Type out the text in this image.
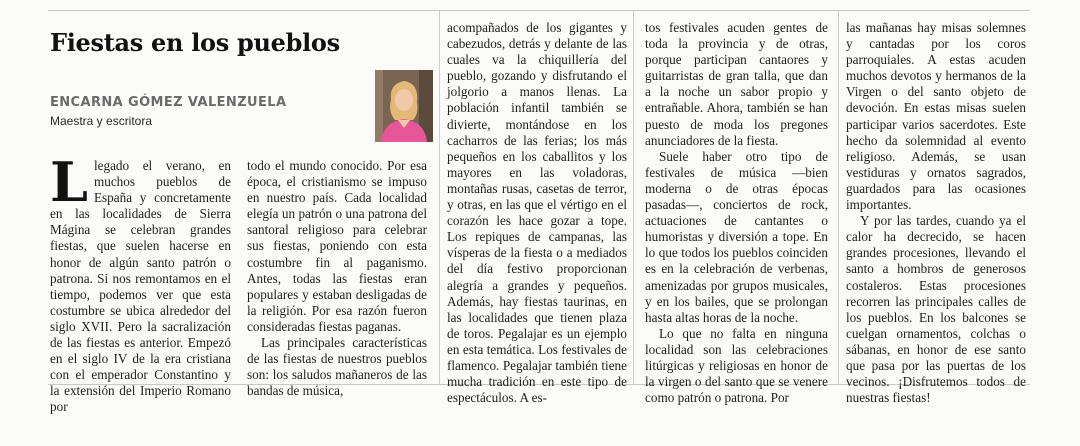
Fiestas en los pueblos
ENCARNA GÓMEZ VALENZUELA
Maestra y escritora

Llegado el verano, en muchos pueblos de España y concretamente en las localidades de Sierra Mágina se celebran grandes fiestas, que suelen hacerse en honor de algún santo patrón o patrona. Si nos remontamos en el tiempo, podemos ver que esta costumbre se ubica alrededor del siglo XVII. Pero la sacralización de las fiestas es anterior. Empezó en el siglo IV de la era cristiana con el emperador Constantino y la extensión del Imperio Romano por

todo el mundo conocido. Por esa época, el cristianismo se impuso en nuestro país. Cada localidad elegía un patrón o una patrona del santoral religioso para celebrar sus fiestas, poniendo con esta costumbre fin al paganismo. Antes, todas las fiestas eran populares y estaban desligadas de la religión. Por esa razón fueron consideradas fiestas paganas.

Las principales características de las fiestas de nuestros pueblos son: los saludos mañaneros de las bandas de música,

acompañados de los gigantes y cabezudos, detrás y delante de las cuales va la chiquillería del pueblo, gozando y disfrutando el jolgorio a manos llenas. La población infantil también se divierte, montándose en los cacharros de las ferias; los más pequeños en los caballitos y los mayores en las voladoras, montañas rusas, casetas de terror, y otras, en las que el vértigo en el corazón les hace gozar a tope. Los repiques de campanas, las vísperas de la fiesta o a mediados del día festivo proporcionan alegría a grandes y pequeños. Además, hay fiestas taurinas, en las localidades que tienen plaza de toros. Pegalajar es un ejemplo en esta temática. Los festivales de flamenco. Pegalajar también tiene mucha tradición en este tipo de espectáculos. A es-

tos festivales acuden gentes de toda la provincia y de otras, porque participan cantaores y guitarristas de gran talla, que dan a la noche un sabor propio y entrañable. Ahora, también se han puesto de moda los pregones anunciadores de la fiesta.

Suele haber otro tipo de festivales de música —bien moderna o de otras épocas pasadas—, conciertos de rock, actuaciones de cantantes o humoristas y diversión a tope. En lo que todos los pueblos coinciden es en la celebración de verbenas, amenizadas por grupos musicales, y en los bailes, que se prolongan hasta altas horas de la noche.

Lo que no falta en ninguna localidad son las celebraciones litúrgicas y religiosas en honor de la virgen o del santo que se venere como patrón o patrona. Por

las mañanas hay misas solemnes y cantadas por los coros parroquiales. A estas acuden muchos devotos y hermanos de la Virgen o del santo objeto de devoción. En estas misas suelen participar varios sacerdotes. Este hecho da solemnidad al evento religioso. Además, se usan vestiduras y ornatos sagrados, guardados para las ocasiones importantes.

Y por las tardes, cuando ya el calor ha decrecido, se hacen grandes procesiones, llevando el santo a hombros de generosos costaleros. Estas procesiones recorren las principales calles de los pueblos. En los balcones se cuelgan ornamentos, colchas o sábanas, en honor de ese santo que pasa por las puertas de los vecinos. ¡Disfrutemos todos de nuestras fiestas!
